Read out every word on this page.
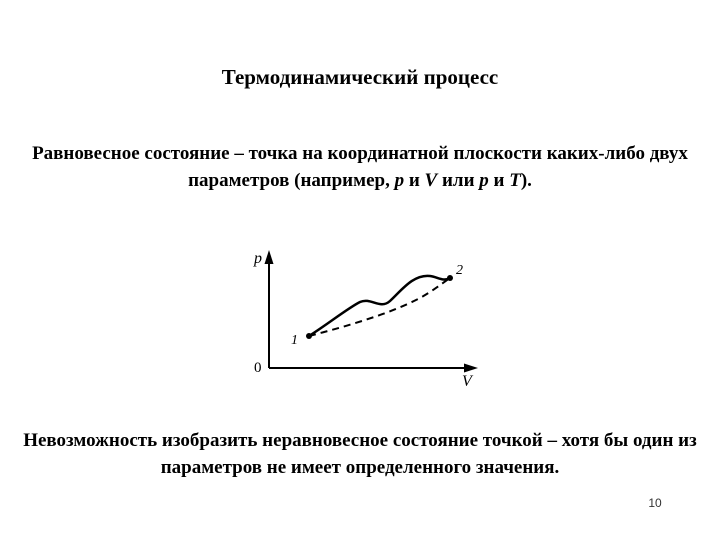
Термодинамический процесс

Равновесное состояние – точка на координатной плоскости каких-либо двух параметров (например, p и V или p и T).

p
V
0
1
2

Невозможность изобразить неравновесное состояние точкой – хотя бы один из параметров не имеет определенного значения.

10
